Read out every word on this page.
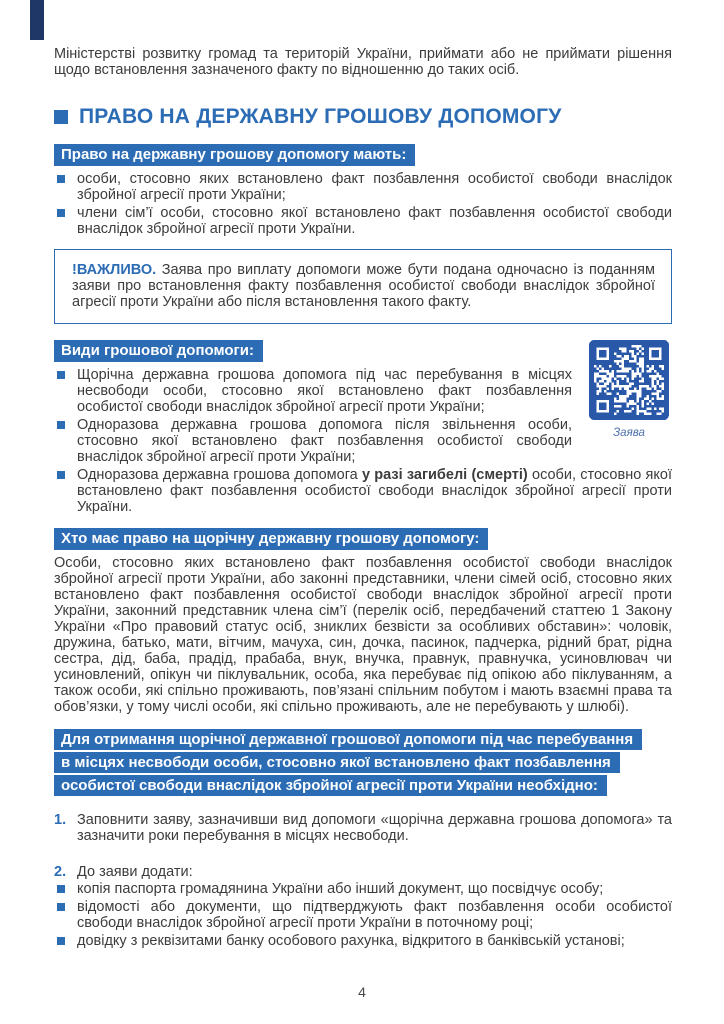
Міністерстві розвитку громад та територій України, приймати або не приймати рішення щодо встановлення зазначеного факту по відношенню до таких осіб.

ПРАВО НА ДЕРЖАВНУ ГРОШОВУ ДОПОМОГУ
Право на державну грошову допомогу мають:
особи, стосовно яких встановлено факт позбавлення особистої свободи внаслідок збройної агресії проти України;
члени сім’ї особи, стосовно якої встановлено факт позбавлення особистої свободи внаслідок збройної агресії проти України.
!ВАЖЛИВО. Заява про виплату допомоги може бути подана одночасно із поданням заяви про встановлення факту позбавлення особистої свободи внаслідок збройної агресії проти України або після встановлення такого факту.
Заява
Види грошової допомоги:
Щорічна державна грошова допомога під час перебування в місцях несвободи особи, стосовно якої встановлено факт позбавлення особистої свободи внаслідок збройної агресії проти України;
Одноразова державна грошова допомога після звільнення особи, стосовно якої встановлено факт позбавлення особистої свободи внаслідок збройної агресії проти України;
Одноразова державна грошова допомога у разі загибелі (смерті) особи, стосовно якої встановлено факт позбавлення особистої свободи внаслідок збройної агресії проти України.
Хто має право на щорічну державну грошову допомогу:

Особи, стосовно яких встановлено факт позбавлення особистої свободи внаслідок збройної агресії проти України, або законні представники, члени сімей осіб, стосовно яких встановлено факт позбавлення особистої свободи внаслідок збройної агресії проти України, законний представник члена сім’ї (перелік осіб, передбачений статтею 1 Закону України «Про правовий статус осіб, зниклих безвісти за особливих обставин»: чоловік, дружина, батько, мати, вітчим, мачуха, син, дочка, пасинок, падчерка, рідний брат, рідна сестра, дід, баба, прадід, прабаба, внук, внучка, правнук, правнучка, усиновлювач чи усиновлений, опікун чи піклувальник, особа, яка перебуває під опікою або піклуванням, а також особи, які спільно проживають, пов’язані спільним побутом і мають взаємні права та обов’язки, у тому числі особи, які спільно проживають, але не перебувають у шлюбі).

Для отримання щорічної державної грошової допомоги під час перебування
в місцях несвободи особи, стосовно якої встановлено факт позбавлення
особистої свободи внаслідок збройної агресії проти України необхідно:
1. Заповнити заяву, зазначивши вид допомоги «щорічна державна грошова допомога» та зазначити роки перебування в місцях несвободи.
2. До заяви додати:
копія паспорта громадянина України або інший документ, що посвідчує особу;
відомості або документи, що підтверджують факт позбавлення особи особистої свободи внаслідок збройної агресії проти України в поточному році;
довідку з реквізитами банку особового рахунка, відкритого в банківській установі;
4
